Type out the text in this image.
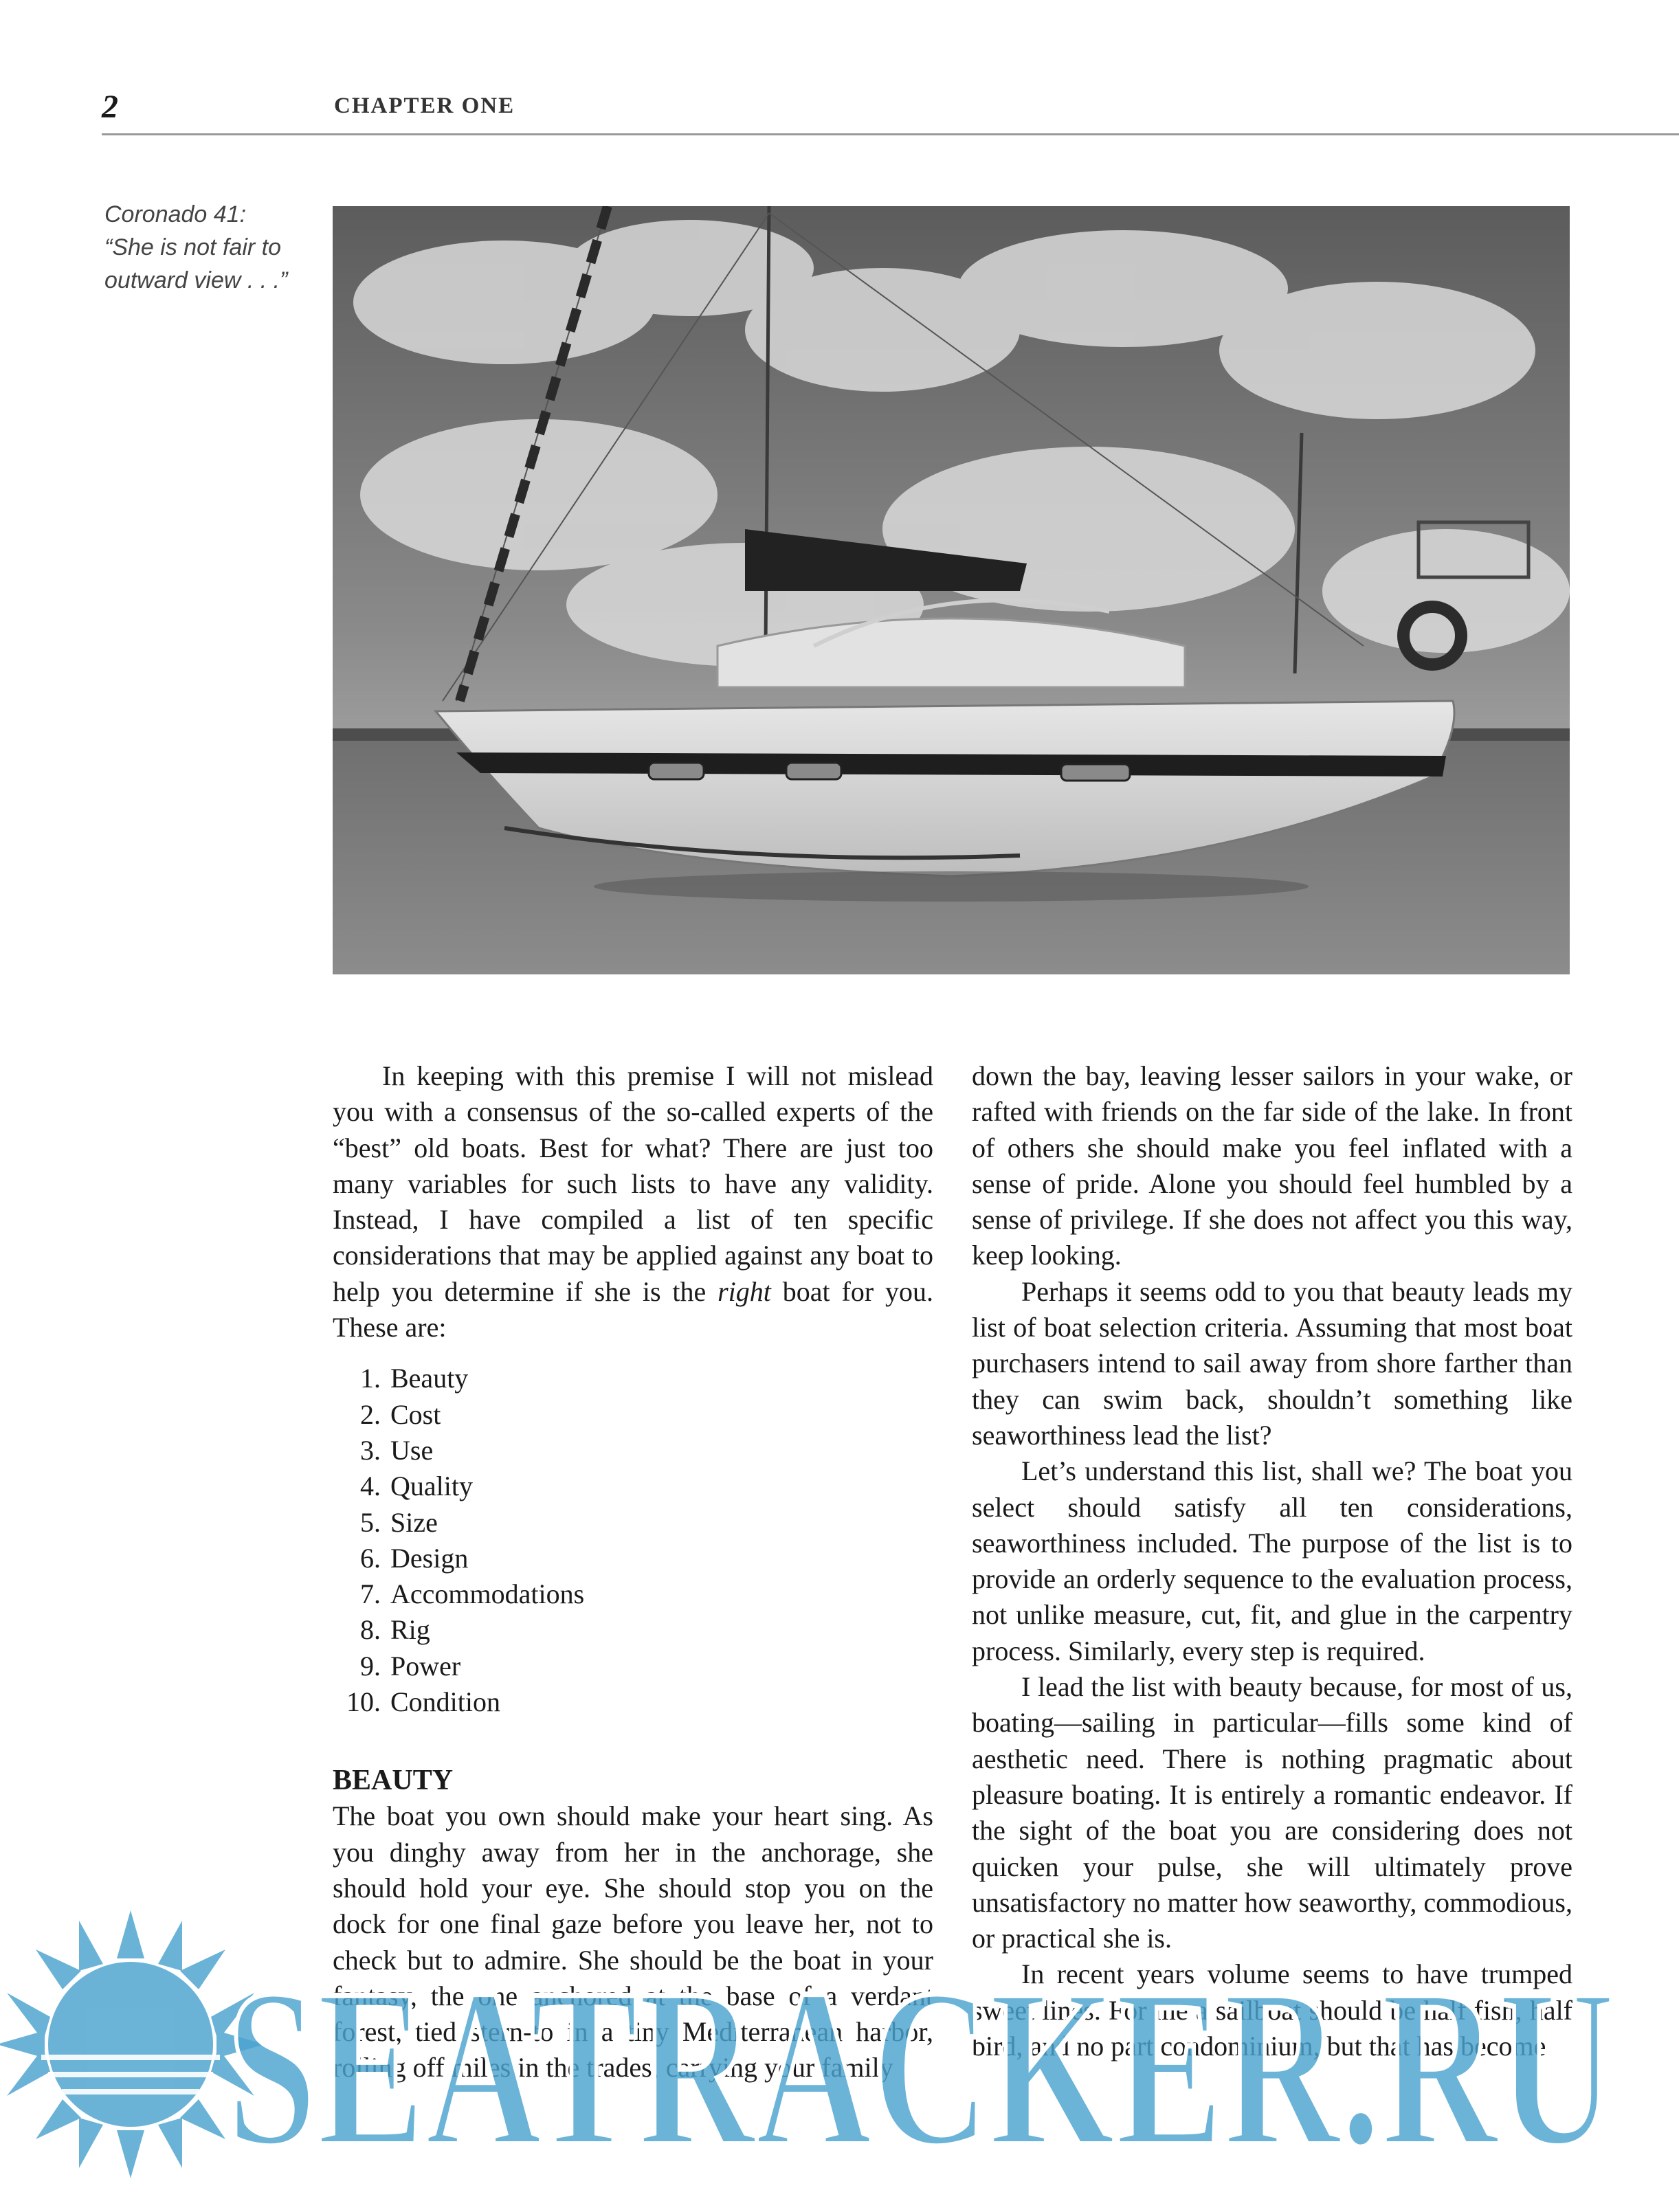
2	CHAPTER ONE
Coronado 41:
“She is not fair to
outward view . . .”

In keeping with this premise I will not mislead you with a consensus of the so-called experts of the “best” old boats. Best for what? There are just too many variables for such lists to have any validity. Instead, I have compiled a list of ten specific considerations that may be applied against any boat to help you determine if she is the right boat for you. These are:

1. Beauty
2. Cost
3. Use
4. Quality
5. Size
6. Design
7. Accommodations
8. Rig
9. Power
10. Condition
BEAUTY

The boat you own should make your heart sing. As you dinghy away from her in the anchorage, she should hold your eye. She should stop you on the dock for one final gaze before you leave her, not to check but to admire. She should be the boat in your fantasy, the one anchored at the base of a verdant forest, tied stern-to in a tiny Mediterranean harbor, rolling off miles in the trades, carrying your family

down the bay, leaving lesser sailors in your wake, or rafted with friends on the far side of the lake. In front of others she should make you feel inflated with a sense of pride. Alone you should feel humbled by a sense of privilege. If she does not affect you this way, keep looking.

Perhaps it seems odd to you that beauty leads my list of boat selection criteria. Assuming that most boat purchasers intend to sail away from shore farther than they can swim back, shouldn’t something like seaworthiness lead the list?

Let’s understand this list, shall we? The boat you select should satisfy all ten considerations, seaworthiness included. The purpose of the list is to provide an orderly sequence to the evaluation process, not unlike measure, cut, fit, and glue in the carpentry process. Similarly, every step is required.

I lead the list with beauty because, for most of us, boating—sailing in particular—fills some kind of aesthetic need. There is nothing pragmatic about pleasure boating. It is entirely a romantic endeavor. If the sight of the boat you are considering does not quicken your pulse, she will ultimately prove unsatisfactory no matter how seaworthy, commodious, or practical she is.

In recent years volume seems to have trumped sweet lines. For me a sailboat should be half fish, half bird, and no part condominium, but that has become

SEATRACKER.RU
